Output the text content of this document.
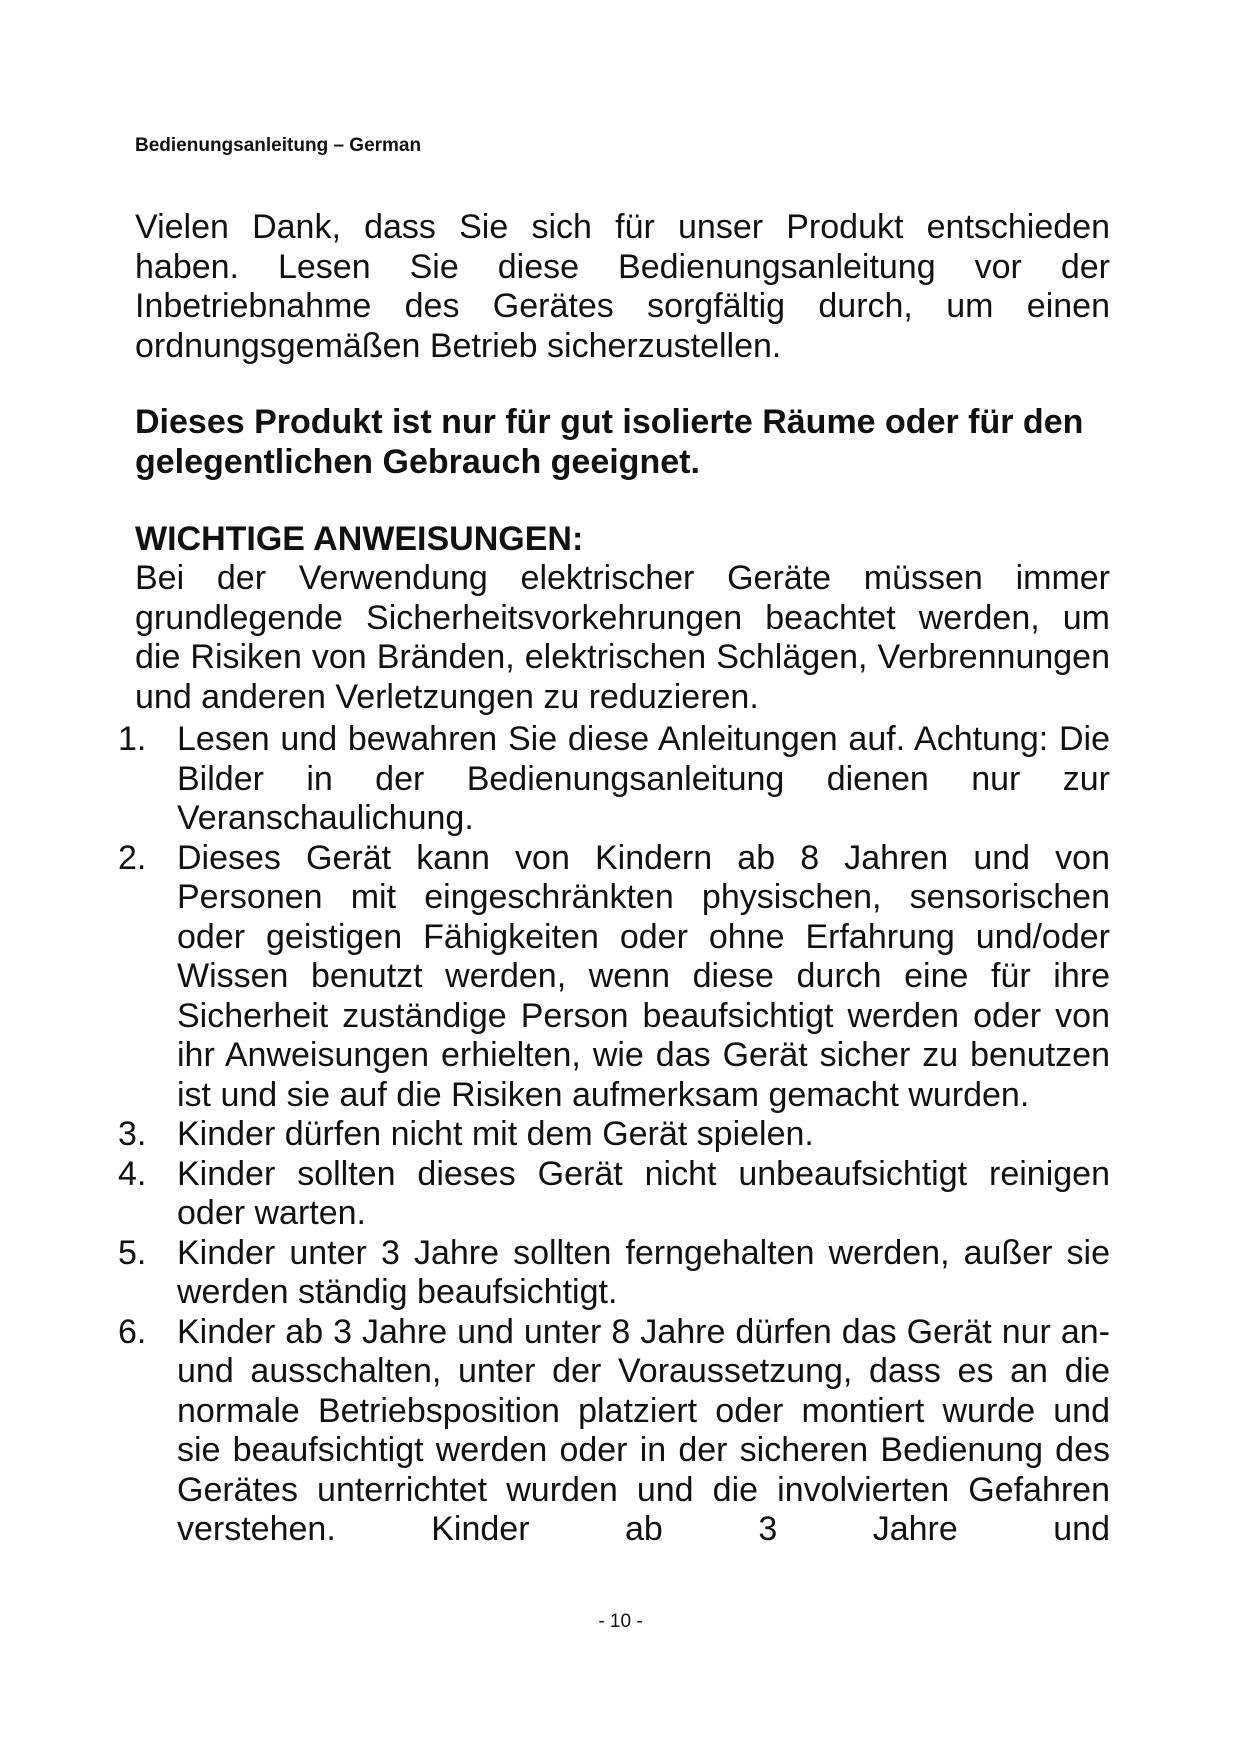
Bedienungsanleitung – German

Vielen Dank, dass Sie sich für unser Produkt entschieden haben. Lesen Sie diese Bedienungsanleitung vor der Inbetriebnahme des Gerätes sorgfältig durch, um einen ordnungsgemäßen Betrieb sicherzustellen.

Dieses Produkt ist nur für gut isolierte Räume oder für den gelegentlichen Gebrauch geeignet.

WICHTIGE ANWEISUNGEN:

Bei der Verwendung elektrischer Geräte müssen immer grundlegende Sicherheitsvorkehrungen beachtet werden, um die Risiken von Bränden, elektrischen Schlägen, Verbrennungen und anderen Verletzungen zu reduzieren.

1. Lesen und bewahren Sie diese Anleitungen auf. Achtung: Die Bilder in der Bedienungsanleitung dienen nur zur Veranschaulichung.
2. Dieses Gerät kann von Kindern ab 8 Jahren und von Personen mit eingeschränkten physischen, sensorischen oder geistigen Fähigkeiten oder ohne Erfahrung und/oder Wissen benutzt werden, wenn diese durch eine für ihre Sicherheit zuständige Person beaufsichtigt werden oder von ihr Anweisungen erhielten, wie das Gerät sicher zu benutzen ist und sie auf die Risiken aufmerksam gemacht wurden.
3. Kinder dürfen nicht mit dem Gerät spielen.
4. Kinder sollten dieses Gerät nicht unbeaufsichtigt reinigen oder warten.
5. Kinder unter 3 Jahre sollten ferngehalten werden, außer sie werden ständig beaufsichtigt.
6. Kinder ab 3 Jahre und unter 8 Jahre dürfen das Gerät nur an- und ausschalten, unter der Voraussetzung, dass es an die normale Betriebsposition platziert oder montiert wurde und sie beaufsichtigt werden oder in der sicheren Bedienung des Gerätes unterrichtet wurden und die involvierten Gefahren verstehen. Kinder ab 3 Jahre und
- 10 -
